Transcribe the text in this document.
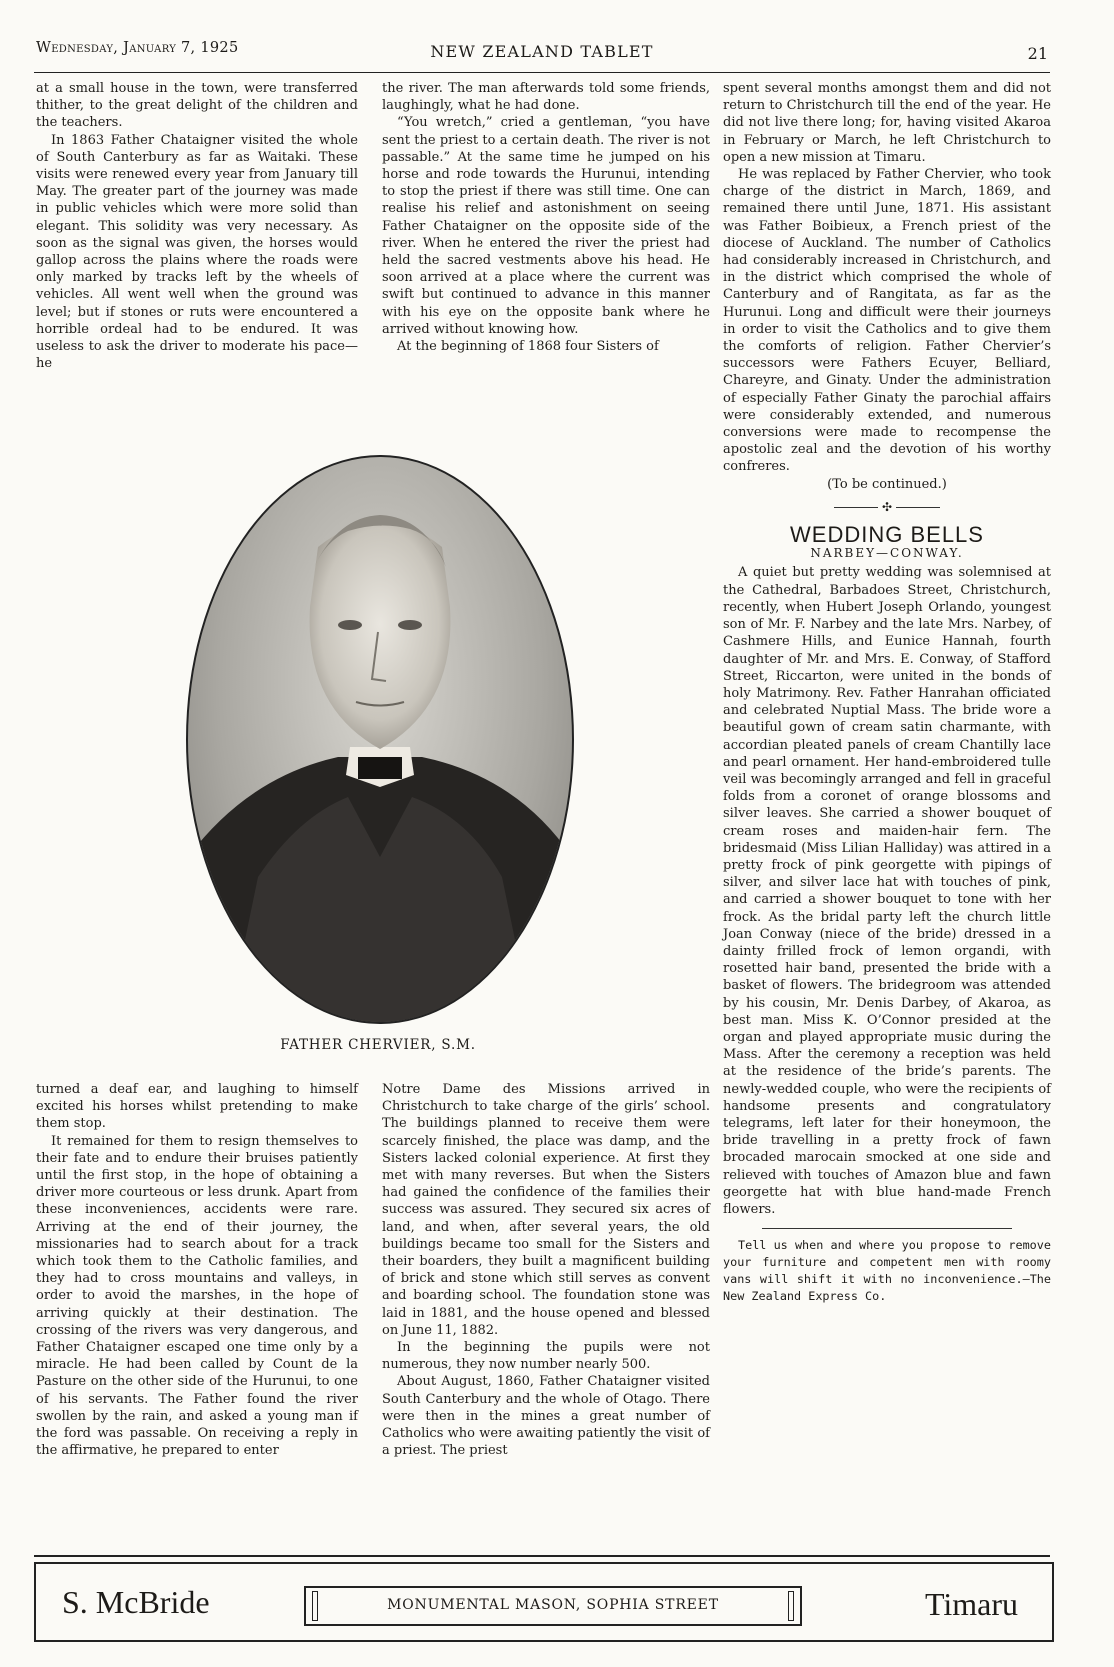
Wednesday, January 7, 1925	NEW ZEALAND TABLET	21

at a small house in the town, were transferred thither, to the great delight of the children and the teachers.

In 1863 Father Chataigner visited the whole of South Canterbury as far as Waitaki. These visits were renewed every year from January till May. The greater part of the journey was made in public vehicles which were more solid than elegant. This solidity was very necessary. As soon as the signal was given, the horses would gallop across the plains where the roads were only marked by tracks left by the wheels of vehicles. All went well when the ground was level; but if stones or ruts were encountered a horrible ordeal had to be endured. It was useless to ask the driver to moderate his pace—he

the river. The man afterwards told some friends, laughingly, what he had done.

“You wretch,” cried a gentleman, “you have sent the priest to a certain death. The river is not passable.” At the same time he jumped on his horse and rode towards the Hurunui, intending to stop the priest if there was still time. One can realise his relief and astonishment on seeing Father Chataigner on the opposite side of the river. When he entered the river the priest had held the sacred vestments above his head. He soon arrived at a place where the current was swift but continued to advance in this manner with his eye on the opposite bank where he arrived without knowing how.

At the beginning of 1868 four Sisters of

spent several months amongst them and did not return to Christchurch till the end of the year. He did not live there long; for, having visited Akaroa in February or March, he left Christchurch to open a new mission at Timaru.

He was replaced by Father Chervier, who took charge of the district in March, 1869, and remained there until June, 1871. His assistant was Father Boibieux, a French priest of the diocese of Auckland. The number of Catholics had considerably increased in Christchurch, and in the district which comprised the whole of Canterbury and of Rangitata, as far as the Hurunui. Long and difficult were their journeys in order to visit the Catholics and to give them the comforts of religion. Father Chervier’s successors were Fathers Ecuyer, Belliard, Chareyre, and Ginaty. Under the administration of especially Father Ginaty the parochial affairs were considerably extended, and numerous conversions were made to recompense the apostolic zeal and the devotion of his worthy confreres.

(To be continued.)

✣
WEDDING BELLS
NARBEY—CONWAY.

A quiet but pretty wedding was solemnised at the Cathedral, Barbadoes Street, Christchurch, recently, when Hubert Joseph Orlando, youngest son of Mr. F. Narbey and the late Mrs. Narbey, of Cashmere Hills, and Eunice Hannah, fourth daughter of Mr. and Mrs. E. Conway, of Stafford Street, Riccarton, were united in the bonds of holy Matrimony. Rev. Father Hanrahan officiated and celebrated Nuptial Mass. The bride wore a beautiful gown of cream satin charmante, with accordian pleated panels of cream Chantilly lace and pearl ornament. Her hand-embroidered tulle veil was becomingly arranged and fell in graceful folds from a coronet of orange blossoms and silver leaves. She carried a shower bouquet of cream roses and maiden-hair fern. The bridesmaid (Miss Lilian Halliday) was attired in a pretty frock of pink georgette with pipings of silver, and silver lace hat with touches of pink, and carried a shower bouquet to tone with her frock. As the bridal party left the church little Joan Conway (niece of the bride) dressed in a dainty frilled frock of lemon organdi, with rosetted hair band, presented the bride with a basket of flowers. The bridegroom was attended by his cousin, Mr. Denis Darbey, of Akaroa, as best man. Miss K. O’Connor presided at the organ and played appropriate music during the Mass. After the ceremony a reception was held at the residence of the bride’s parents. The newly-wedded couple, who were the recipients of handsome presents and congratulatory telegrams, left later for their honeymoon, the bride travelling in a pretty frock of fawn brocaded marocain smocked at one side and relieved with touches of Amazon blue and fawn georgette hat with blue hand-made French flowers.

Tell us when and where you propose to remove your furniture and competent men with roomy vans will shift it with no inconvenience.—The New Zealand Express Co.

FATHER CHERVIER, S.M.

turned a deaf ear, and laughing to himself excited his horses whilst pretending to make them stop.

It remained for them to resign themselves to their fate and to endure their bruises patiently until the first stop, in the hope of obtaining a driver more courteous or less drunk. Apart from these inconveniences, accidents were rare. Arriving at the end of their journey, the missionaries had to search about for a track which took them to the Catholic families, and they had to cross mountains and valleys, in order to avoid the marshes, in the hope of arriving quickly at their destination. The crossing of the rivers was very dangerous, and Father Chataigner escaped one time only by a miracle. He had been called by Count de la Pasture on the other side of the Hurunui, to one of his servants. The Father found the river swollen by the rain, and asked a young man if the ford was passable. On receiving a reply in the affirmative, he prepared to enter

Notre Dame des Missions arrived in Christchurch to take charge of the girls’ school. The buildings planned to receive them were scarcely finished, the place was damp, and the Sisters lacked colonial experience. At first they met with many reverses. But when the Sisters had gained the confidence of the families their success was assured. They secured six acres of land, and when, after several years, the old buildings became too small for the Sisters and their boarders, they built a magnificent building of brick and stone which still serves as convent and boarding school. The foundation stone was laid in 1881, and the house opened and blessed on June 11, 1882.

In the beginning the pupils were not numerous, they now number nearly 500.

About August, 1860, Father Chataigner visited South Canterbury and the whole of Otago. There were then in the mines a great number of Catholics who were awaiting patiently the visit of a priest. The priest

S. McBride	MONUMENTAL MASON, SOPHIA STREET	Timaru
